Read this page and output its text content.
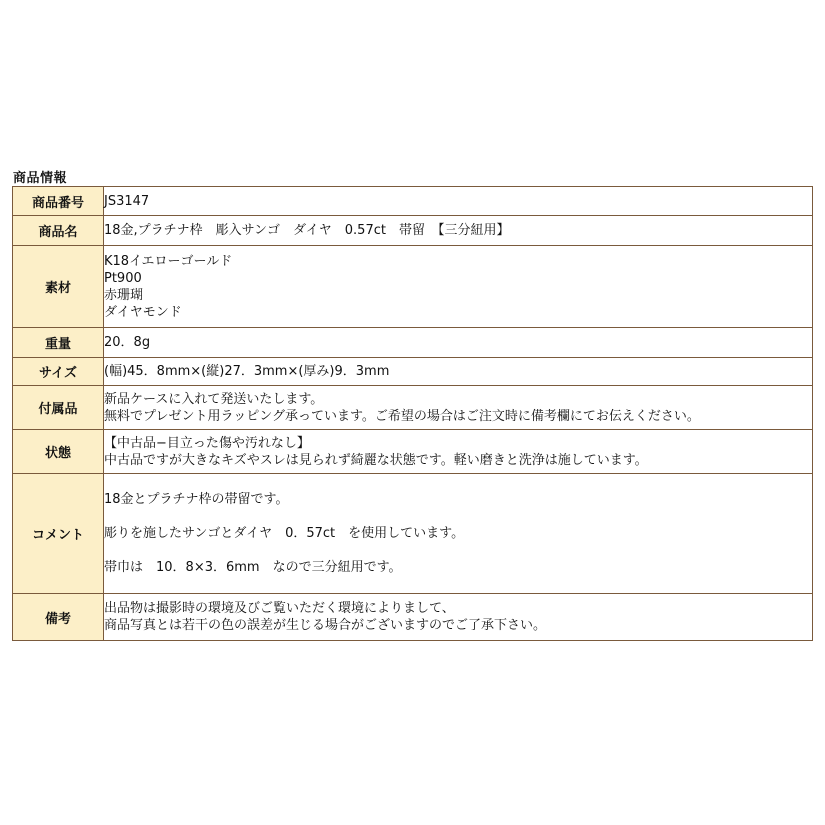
商品情報
商品番号	JS3147

商品名	18金,プラチナ枠　彫入サンゴ　ダイヤ　0.57ct　帯留　【三分紐用】

素材	K18イエローゴールド
Pt900
赤珊瑚
ダイヤモンド

重量	20．8g

サイズ	(幅)45．8mm×(縦)27．3mm×(厚み)9．3mm

付属品	新品ケースに入れて発送いたします。
無料でプレゼント用ラッピング承っています。ご希望の場合はご注文時に備考欄にてお伝えください。

状態	【中古品−目立った傷や汚れなし】
中古品ですが大きなキズやスレは見られず綺麗な状態です。軽い磨きと洗浄は施しています。

コメント	18金とプラチナ枠の帯留です。
彫りを施したサンゴとダイヤ　0．57ct　を使用しています。
帯巾は　10．8×3．6mm　なので三分紐用です。

備考	出品物は撮影時の環境及びご覧いただく環境によりまして、
商品写真とは若干の色の誤差が生じる場合がございますのでご了承下さい。
